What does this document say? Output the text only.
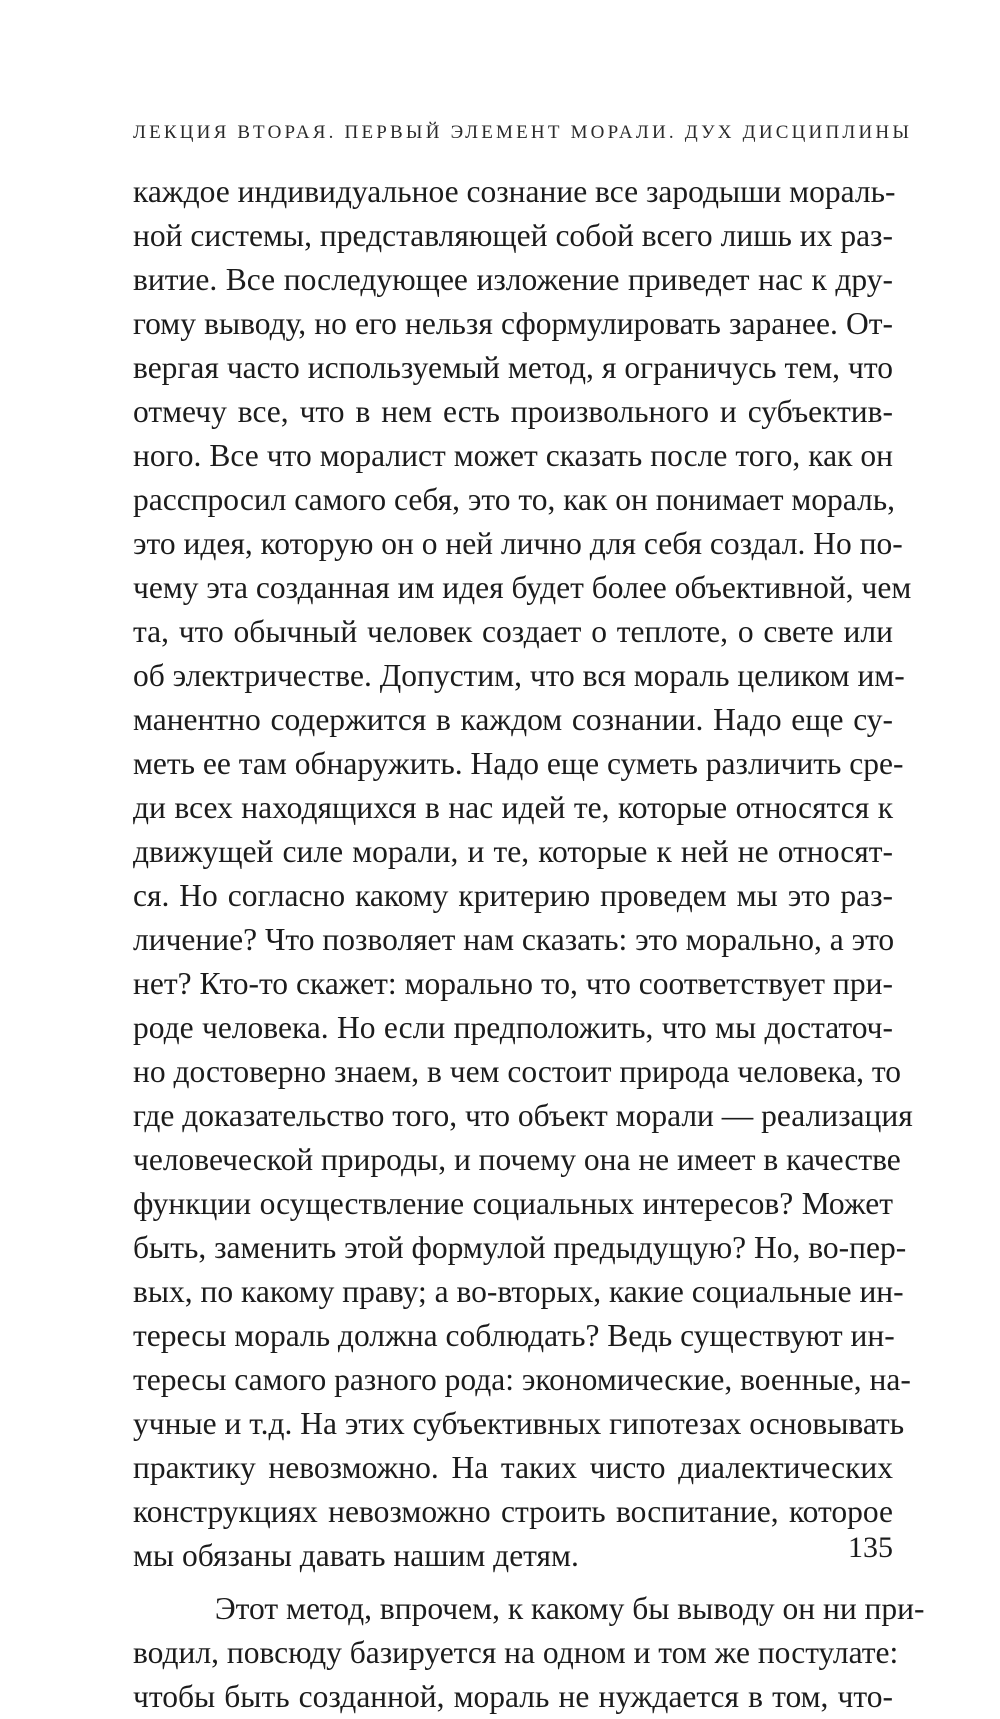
ЛЕКЦИЯ ВТОРАЯ. ПЕРВЫЙ ЭЛЕМЕНТ МОРАЛИ. ДУХ ДИСЦИПЛИНЫ
каждое индивидуальное сознание все зародыши мораль-
ной системы, представляющей собой всего лишь их раз-
витие. Все последующее изложение приведет нас к дру-
гому выводу, но его нельзя сформулировать заранее. От-
вергая часто используемый метод, я ограничусь тем, что
отмечу все, что в нем есть произвольного и субъектив-
ного. Все что моралист может сказать после того, как он
расспросил самого себя, это то, как он понимает мораль,
это идея, которую он о ней лично для себя создал. Но по-
чему эта созданная им идея будет более объективной, чем
та, что обычный человек создает о теплоте, о свете или
об электричестве. Допустим, что вся мораль целиком им-
манентно содержится в каждом сознании. Надо еще су-
меть ее там обнаружить. Надо еще суметь различить сре-
ди всех находящихся в нас идей те, которые относятся к
движущей силе морали, и те, которые к ней не относят-
ся. Но согласно какому критерию проведем мы это раз-
личение? Что позволяет нам сказать: это морально, а это
нет? Кто-то скажет: морально то, что соответствует при-
роде человека. Но если предположить, что мы достаточ-
но достоверно знаем, в чем состоит природа человека, то
где доказательство того, что объект морали — реализация
человеческой природы, и почему она не имеет в качестве
функции осуществление социальных интересов? Может
быть, заменить этой формулой предыдущую? Но, во-пер-
вых, по какому праву; а во-вторых, какие социальные ин-
тересы мораль должна соблюдать? Ведь существуют ин-
тересы самого разного рода: экономические, военные, на-
учные и т.д. На этих субъективных гипотезах основывать
практику невозможно. На таких чисто диалектических
конструкциях невозможно строить воспитание, которое
мы обязаны давать нашим детям.
Этот метод, впрочем, к какому бы выводу он ни при-
водил, повсюду базируется на одном и том же постулате:
чтобы быть созданной, мораль не нуждается в том, что-
135
